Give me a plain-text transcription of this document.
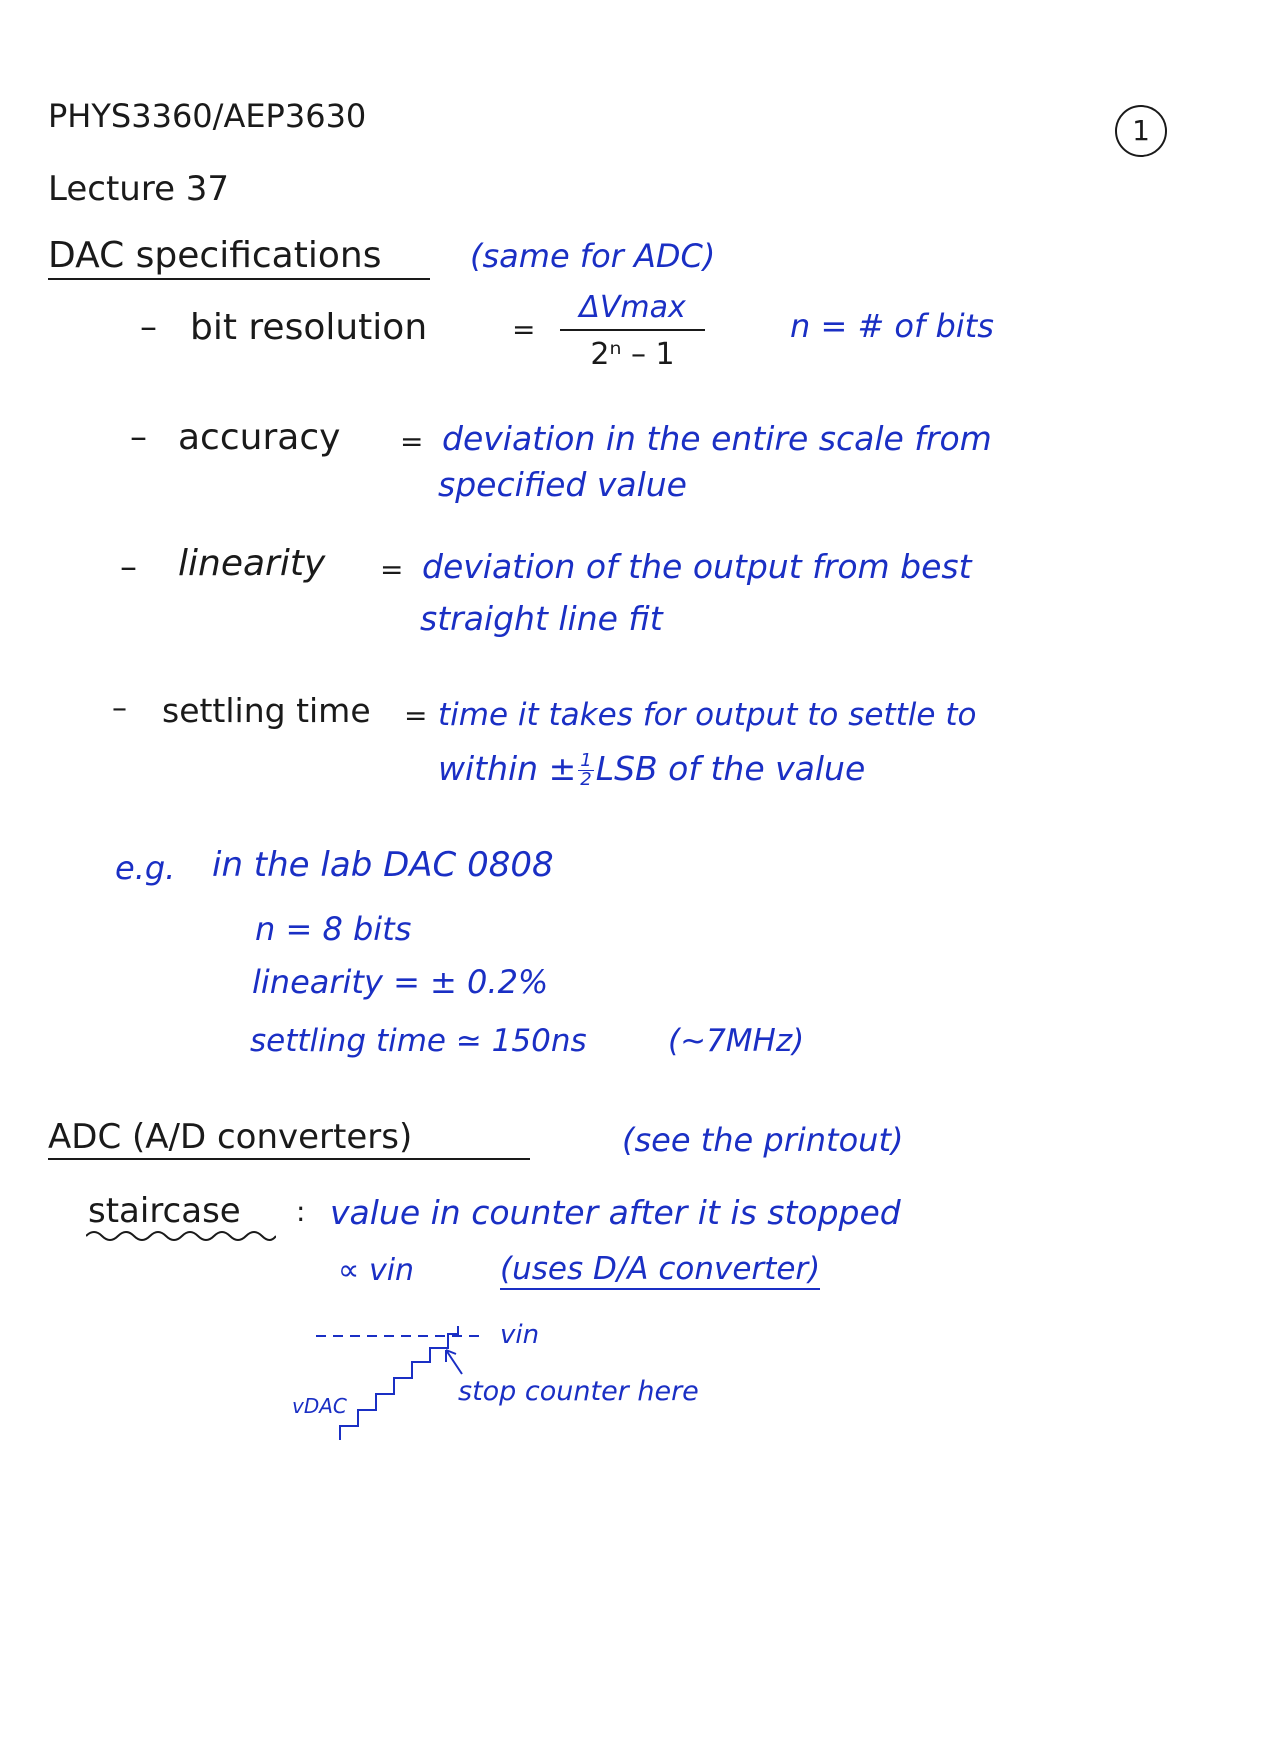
PHYS3360/AEP3630	1
Lecture 37
DAC specifications	(same for ADC)
– bit resolution	=
ΔVmax
2ⁿ – 1
n = # of bits
– accuracy = deviation in the entire scale from
specified value
– linearity = deviation of the output from best
straight line fit
– settling time = time it takes for output to settle to
within ± $\frac{1}{2}$ LSB of the value
e.g. in the lab DAC 0808
n = 8 bits
linearity = ± 0.2%
settling time ≃ 150ns	(~7MHz)
ADC (A/D converters)	(see the printout)
staircase : value in counter after it is stopped
∝ vin	(uses D/A converter)
vin
vDAC	stop counter here
